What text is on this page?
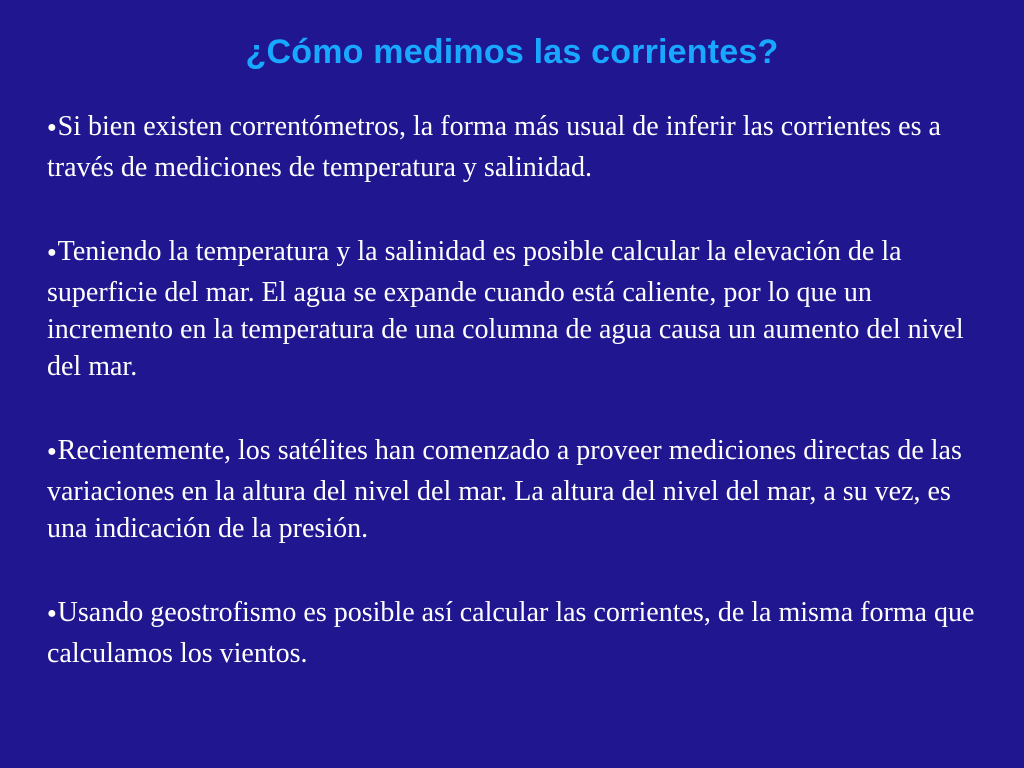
¿Cómo medimos las corrientes?
●Si bien existen correntómetros, la forma más usual de inferir las corrientes es a través de mediciones de temperatura y salinidad.
●Teniendo la temperatura y la salinidad es posible calcular la elevación de la superficie del mar. El agua se expande cuando está caliente, por lo que un incremento en la temperatura de una columna de agua causa un aumento del nivel del mar.
●Recientemente, los satélites han comenzado a proveer mediciones directas de las variaciones en la altura del nivel del mar. La altura del nivel del mar, a su vez, es una indicación de la presión.
●Usando geostrofismo es posible así calcular las corrientes, de la misma forma que calculamos los vientos.
